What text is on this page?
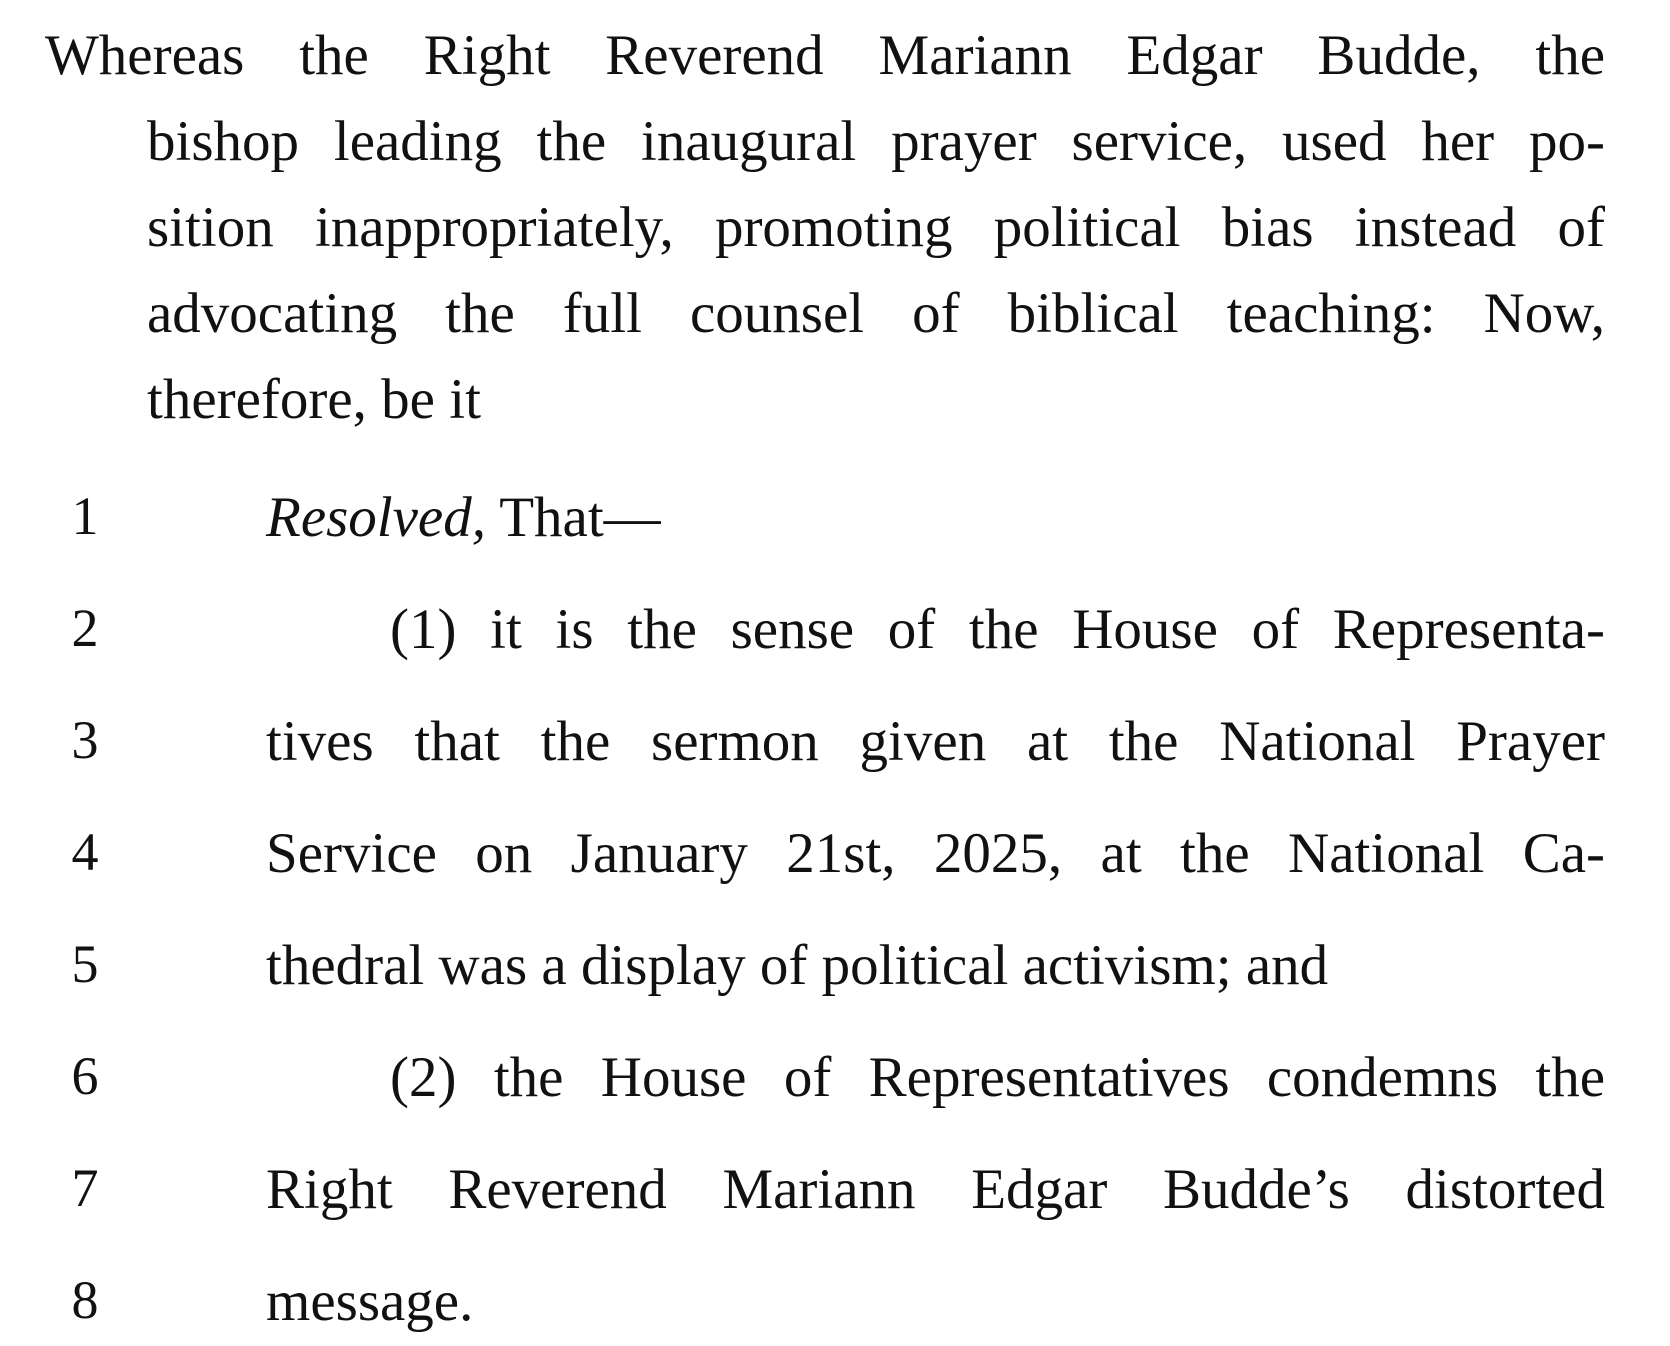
Whereas the Right Reverend Mariann Edgar Budde, the
bishop leading the inaugural prayer service, used her po-
sition inappropriately, promoting political bias instead of
advocating the full counsel of biblical teaching: Now,
therefore, be it
1
2
3
4
5
6
7
8
Resolved, That—
(1) it is the sense of the House of Representa-
tives that the sermon given at the National Prayer
Service on January 21st, 2025, at the National Ca-
thedral was a display of political activism; and
(2) the House of Representatives condemns the
Right Reverend Mariann Edgar Budde’s distorted
message.
